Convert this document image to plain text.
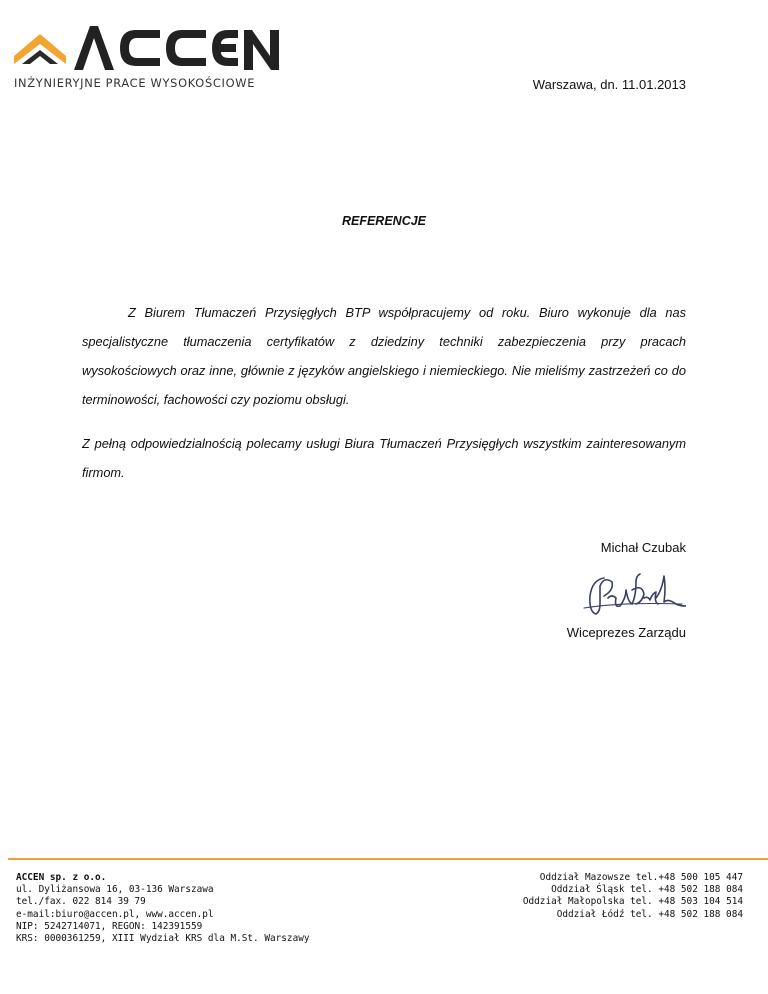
INŻYNIERYJNE PRACE WYSOKOŚCIOWE	Warszawa, dn. 11.01.2013
REFERENCJE

Z Biurem Tłumaczeń Przysięgłych BTP współpracujemy od roku. Biuro wykonuje dla nas specjalistyczne tłumaczenia certyfikatów z dziedziny techniki zabezpieczenia przy pracach wysokościowych oraz inne, głównie z języków angielskiego i niemieckiego. Nie mieliśmy zastrzeżeń co do terminowości, fachowości czy poziomu obsługi.

Z pełną odpowiedzialnością polecamy usługi Biura Tłumaczeń Przysięgłych wszystkim zainteresowanym firmom.

Michał Czubak
Wiceprezes Zarządu
ACCEN sp. z o.o.
ul. Dyliżansowa 16, 03-136 Warszawa
tel./fax. 022 814 39 79
e-mail:biuro@accen.pl, www.accen.pl
NIP: 5242714071, REGON: 142391559
KRS: 0000361259, XIII Wydział KRS dla M.St. Warszawy
Oddział Mazowsze tel.+48 500 105 447
Oddział Śląsk tel. +48 502 188 084
Oddział Małopolska tel. +48 503 104 514
Oddział Łódź tel. +48 502 188 084
